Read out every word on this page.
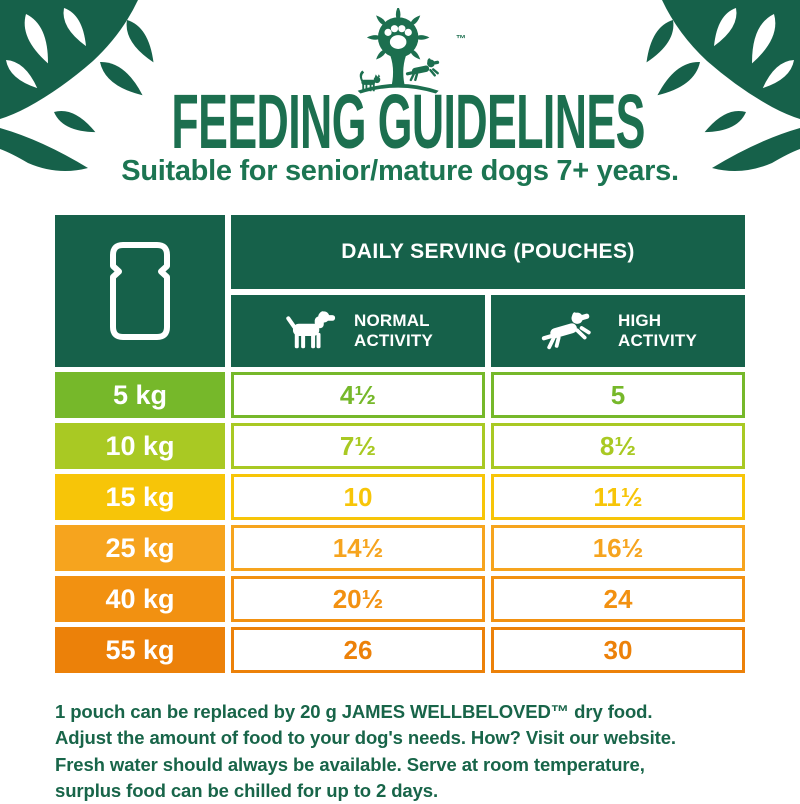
™
FEEDING GUIDELINES
Suitable for senior/mature dogs 7+ years.
DAILY SERVING (POUCHES)
NORMAL
ACTIVITY
HIGH
ACTIVITY
5 kg	4½	5
10 kg	7½	8½
15 kg	10	11½
25 kg	14½	16½
40 kg	20½	24
55 kg	26	30
1 pouch can be replaced by 20 g JAMES WELLBELOVED™ dry food.
Adjust the amount of food to your dog's needs. How? Visit our website.
Fresh water should always be available. Serve at room temperature,
surplus food can be chilled for up to 2 days.
